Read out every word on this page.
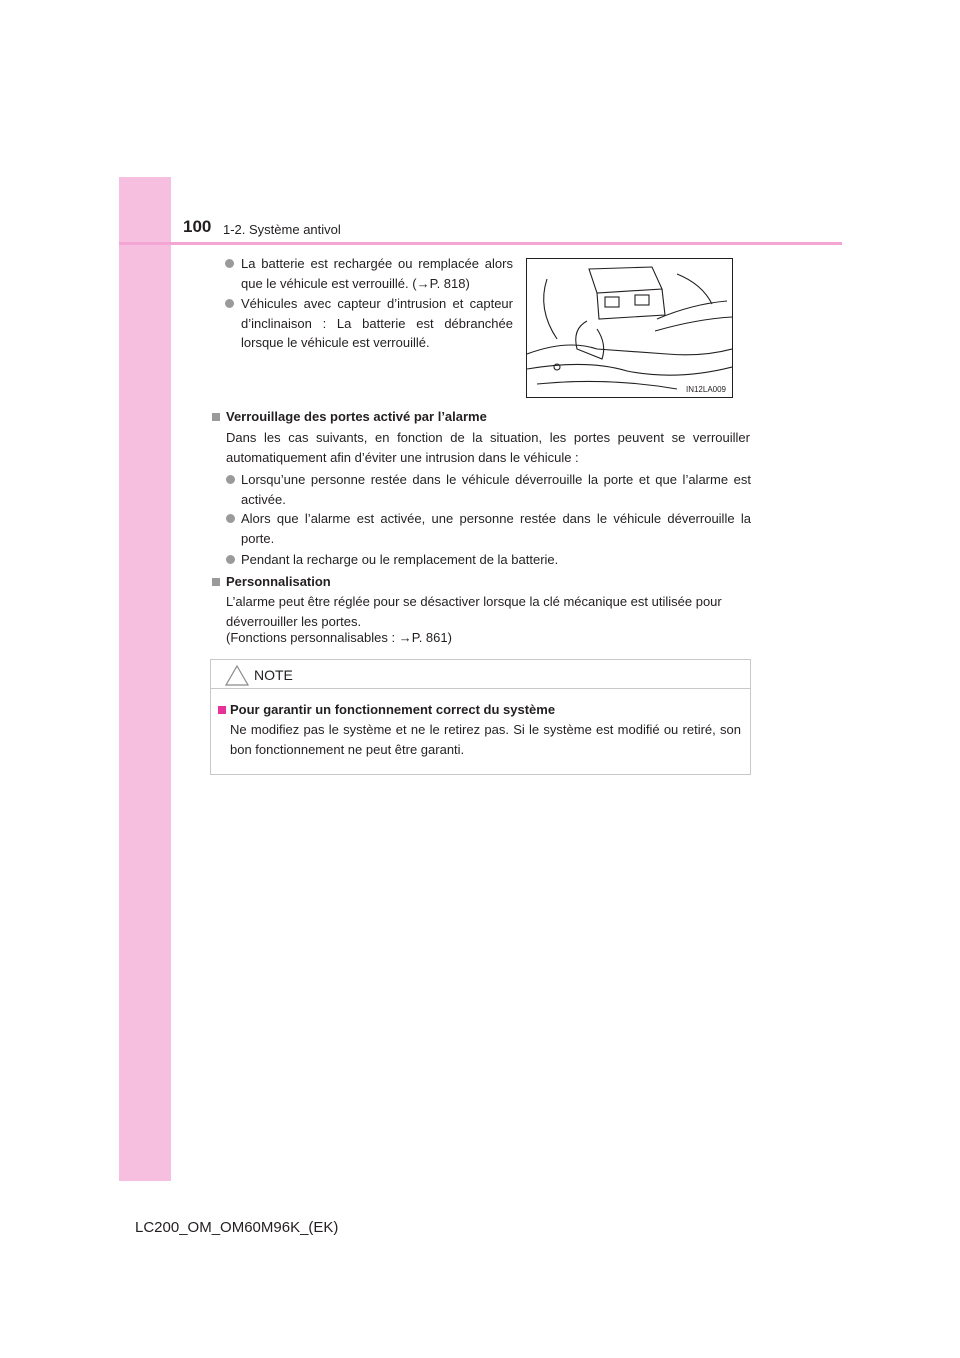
100 1-2. Système antivol
La batterie est rechargée ou remplacée alors que le véhicule est verrouillé. (→P. 818)
Véhicules avec capteur d’intrusion et capteur d’inclinaison : La batterie est débranchée lorsque le véhicule est verrouillé.
IN12LA009
Verrouillage des portes activé par l’alarme
Dans les cas suivants, en fonction de la situation, les portes peuvent se verrouiller automatiquement afin d’éviter une intrusion dans le véhicule :
Lorsqu’une personne restée dans le véhicule déverrouille la porte et que l’alarme est activée.
Alors que l’alarme est activée, une personne restée dans le véhicule déverrouille la porte.
Pendant la recharge ou le remplacement de la batterie.
Personnalisation
L’alarme peut être réglée pour se désactiver lorsque la clé mécanique est utilisée pour déverrouiller les portes.
(Fonctions personnalisables : →P. 861)
NOTE
Pour garantir un fonctionnement correct du système
Ne modifiez pas le système et ne le retirez pas. Si le système est modifié ou retiré, son bon fonctionnement ne peut être garanti.
LC200_OM_OM60M96K_(EK)
